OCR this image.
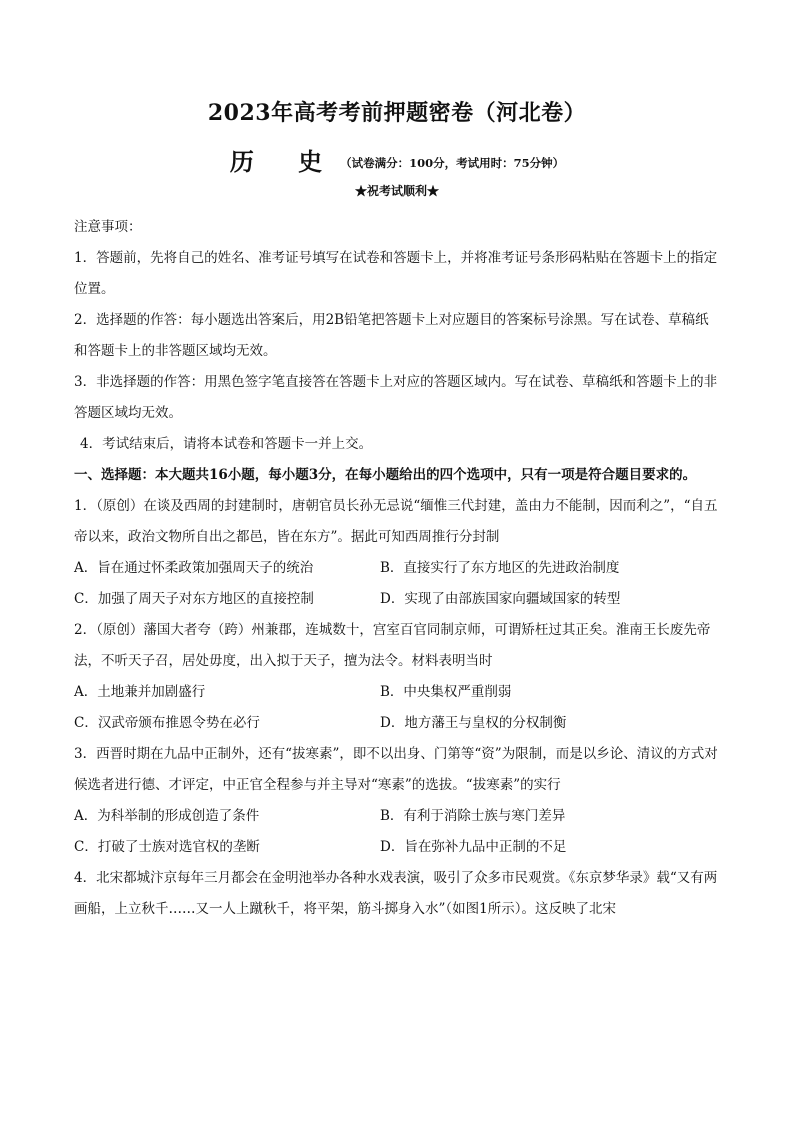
2023年高考考前押题密卷（河北卷）
历 史（试卷满分：100分，考试用时：75分钟）
★祝考试顺利★

注意事项：

1．答题前，先将自己的姓名、准考证号填写在试卷和答题卡上，并将准考证号条形码粘贴在答题卡上的指定位置。

2．选择题的作答：每小题选出答案后，用2B铅笔把答题卡上对应题目的答案标号涂黑。写在试卷、草稿纸和答题卡上的非答题区域均无效。

3．非选择题的作答：用黑色签字笔直接答在答题卡上对应的答题区域内。写在试卷、草稿纸和答题卡上的非答题区域均无效。

4．考试结束后，请将本试卷和答题卡一并上交。

一、选择题：本大题共16小题，每小题3分，在每小题给出的四个选项中，只有一项是符合题目要求的。

1．（原创）在谈及西周的封建制时，唐朝官员长孙无忌说“缅惟三代封建，盖由力不能制，因而利之”，“自五帝以来，政治文物所自出之都邑，皆在东方”。据此可知西周推行分封制

A．旨在通过怀柔政策加强周天子的统治	B．直接实行了东方地区的先进政治制度
C．加强了周天子对东方地区的直接控制	D．实现了由部族国家向疆域国家的转型

2．（原创）藩国大者夸（跨）州兼郡，连城数十，宫室百官同制京师，可谓矫枉过其正矣。淮南王长废先帝法，不听天子召，居处毋度，出入拟于天子，擅为法令。材料表明当时

A．土地兼并加剧盛行	B．中央集权严重削弱
C．汉武帝颁布推恩令势在必行	D．地方藩王与皇权的分权制衡

3．西晋时期在九品中正制外，还有“拔寒素”，即不以出身、门第等“资”为限制，而是以乡论、清议的方式对候选者进行德、才评定，中正官全程参与并主导对“寒素”的选拔。“拔寒素”的实行

A．为科举制的形成创造了条件	B．有利于消除士族与寒门差异
C．打破了士族对选官权的垄断	D．旨在弥补九品中正制的不足

4．北宋都城汴京每年三月都会在金明池举办各种水戏表演，吸引了众多市民观赏。《东京梦华录》载“又有两画船，上立秋千……又一人上蹴秋千，将平架，筋斗掷身入水”（如图1所示）。这反映了北宋
